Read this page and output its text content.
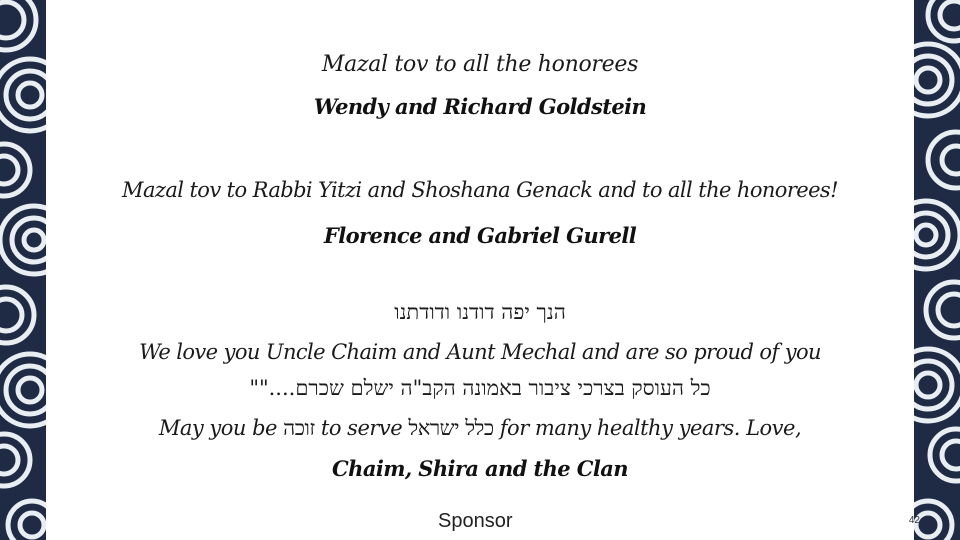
Mazal tov to all the honorees
Wendy and Richard Goldstein
Mazal tov to Rabbi Yitzi and Shoshana Genack and to all the honorees!
Florence and Gabriel Gurell
הנך יפה דודנו ודודתנו
We love you Uncle Chaim and Aunt Mechal and are so proud of you
כל העוסק בצרכי ציבור באמונה הקב"ה ישלם שכרם....""
May you be זוכה to serve כלל ישראל for many healthy years. Love,
Chaim, Shira and the Clan
Sponsor	42
